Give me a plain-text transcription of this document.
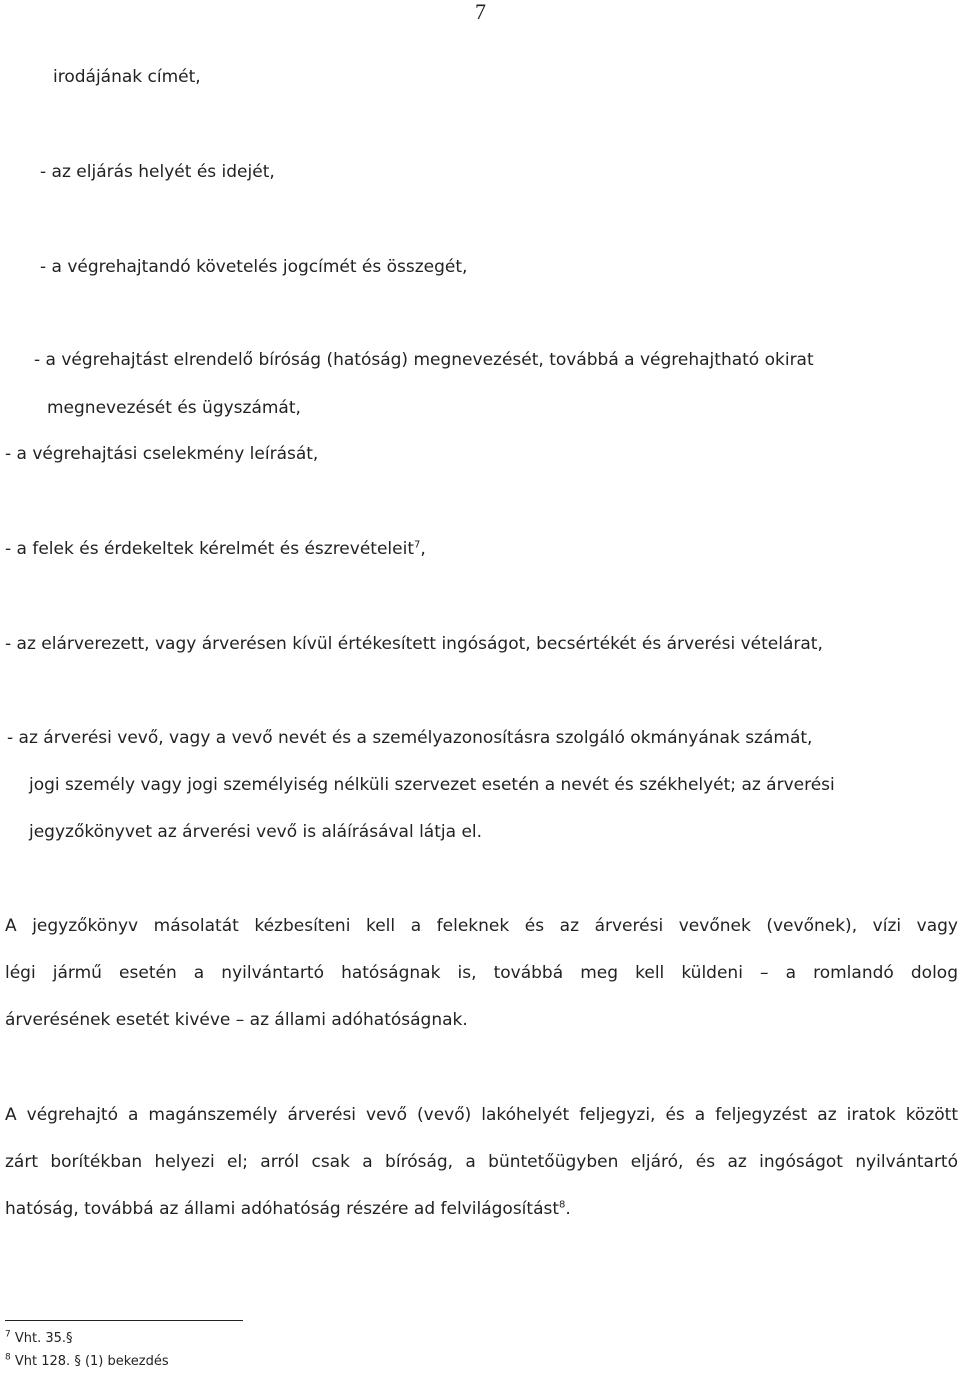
7
irodájának címét,
- az eljárás helyét és idejét,
- a végrehajtandó követelés jogcímét és összegét,
- a végrehajtást elrendelő bíróság (hatóság) megnevezését, továbbá a végrehajtható okirat
megnevezését és ügyszámát,
- a végrehajtási cselekmény leírását,
- a felek és érdekeltek kérelmét és észrevételeit$^7$,
- az elárverezett, vagy árverésen kívül értékesített ingóságot, becsértékét és árverési vételárat,
- az árverési vevő, vagy a vevő nevét és a személyazonosításra szolgáló okmányának számát,
jogi személy vagy jogi személyiség nélküli szervezet esetén a nevét és székhelyét; az árverési
jegyzőkönyvet az árverési vevő is aláírásával látja el.
A jegyzőkönyv másolatát kézbesíteni kell a feleknek és az árverési vevőnek (vevőnek), vízi vagy
légi jármű esetén a nyilvántartó hatóságnak is, továbbá meg kell küldeni – a romlandó dolog
árverésének esetét kivéve – az állami adóhatóságnak.
A végrehajtó a magánszemély árverési vevő (vevő) lakóhelyét feljegyzi, és a feljegyzést az iratok között
zárt borítékban helyezi el; arról csak a bíróság, a büntetőügyben eljáró, és az ingóságot nyilvántartó
hatóság, továbbá az állami adóhatóság részére ad felvilágosítást$^8$.
$^7$ Vht. 35.§
$^8$ Vht 128. § (1) bekezdés
